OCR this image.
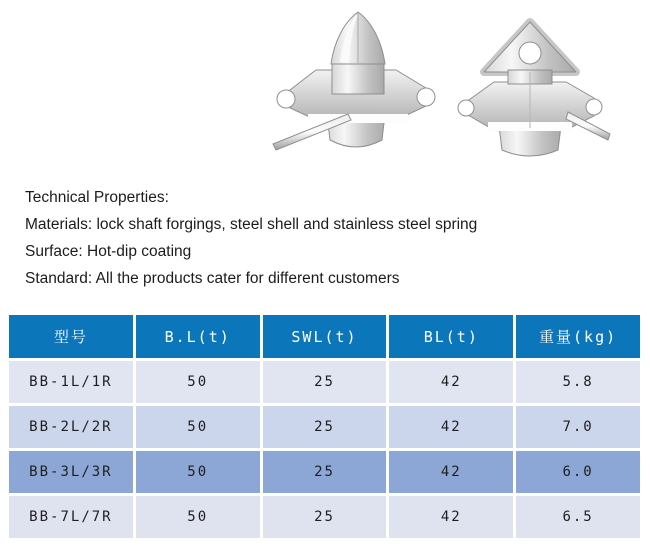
Technical Properties:
Materials: lock shaft forgings, steel shell and stainless steel spring
Surface: Hot-dip coating
Standard: All the products cater for different customers
型号	B.L(t)	SWL(t)	BL(t)	重量(kg)
BB-1L/1R	50	25	42	5.8
BB-2L/2R	50	25	42	7.0
BB-3L/3R	50	25	42	6.0
BB-7L/7R	50	25	42	6.5
